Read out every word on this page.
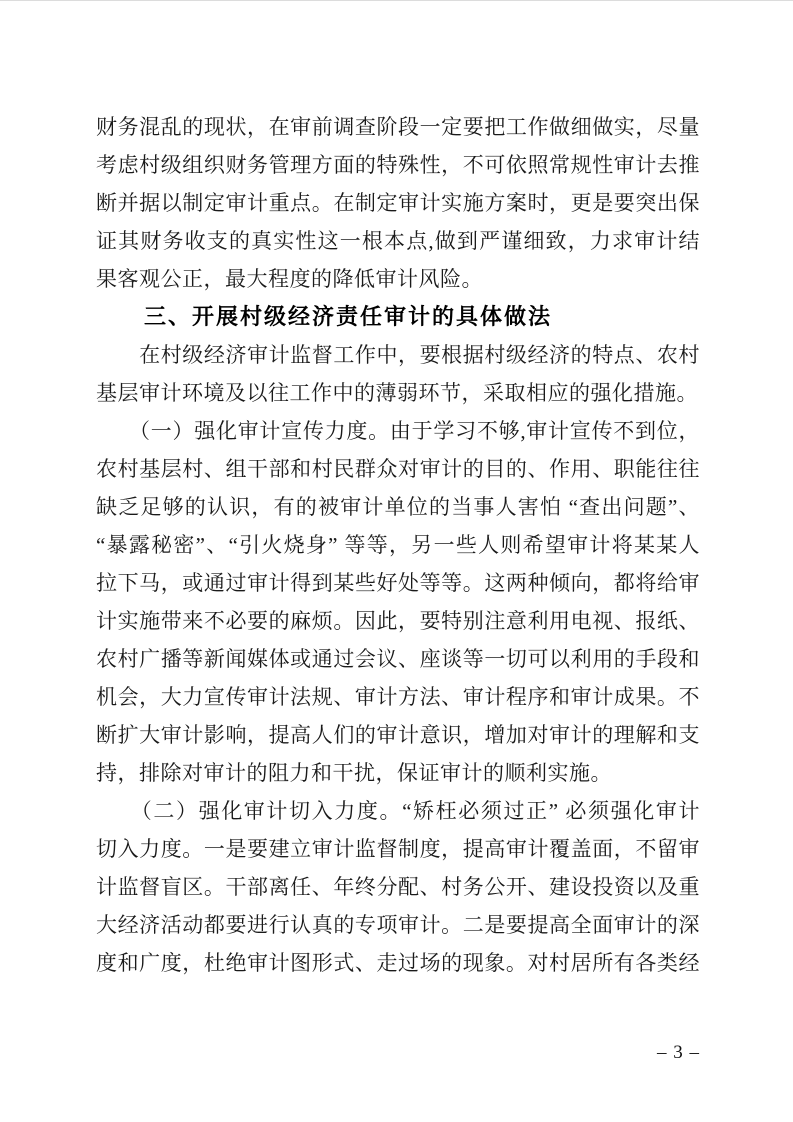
财务混乱的现状，在审前调查阶段一定要把工作做细做实，尽量
考虑村级组织财务管理方面的特殊性，不可依照常规性审计去推
断并据以制定审计重点。在制定审计实施方案时，更是要突出保
证其财务收支的真实性这一根本点,做到严谨细致，力求审计结
果客观公正，最大程度的降低审计风险。
　　三、开展村级经济责任审计的具体做法
　　在村级经济审计监督工作中，要根据村级经济的特点、农村
基层审计环境及以往工作中的薄弱环节，采取相应的强化措施。
　　（一）强化审计宣传力度。由于学习不够,审计宣传不到位，
农村基层村、组干部和村民群众对审计的目的、作用、职能往往
缺乏足够的认识，有的被审计单位的当事人害怕 “查出问题”、
“暴露秘密”、“引火烧身” 等等，另一些人则希望审计将某某人
拉下马，或通过审计得到某些好处等等。这两种倾向，都将给审
计实施带来不必要的麻烦。因此，要特别注意利用电视、报纸、
农村广播等新闻媒体或通过会议、座谈等一切可以利用的手段和
机会，大力宣传审计法规、审计方法、审计程序和审计成果。不
断扩大审计影响，提高人们的审计意识，增加对审计的理解和支
持，排除对审计的阻力和干扰，保证审计的顺利实施。
　　（二）强化审计切入力度。“矫枉必须过正” 必须强化审计
切入力度。一是要建立审计监督制度，提高审计覆盖面，不留审
计监督盲区。干部离任、年终分配、村务公开、建设投资以及重
大经济活动都要进行认真的专项审计。二是要提高全面审计的深
度和广度，杜绝审计图形式、走过场的现象。对村居所有各类经
– 3 –
